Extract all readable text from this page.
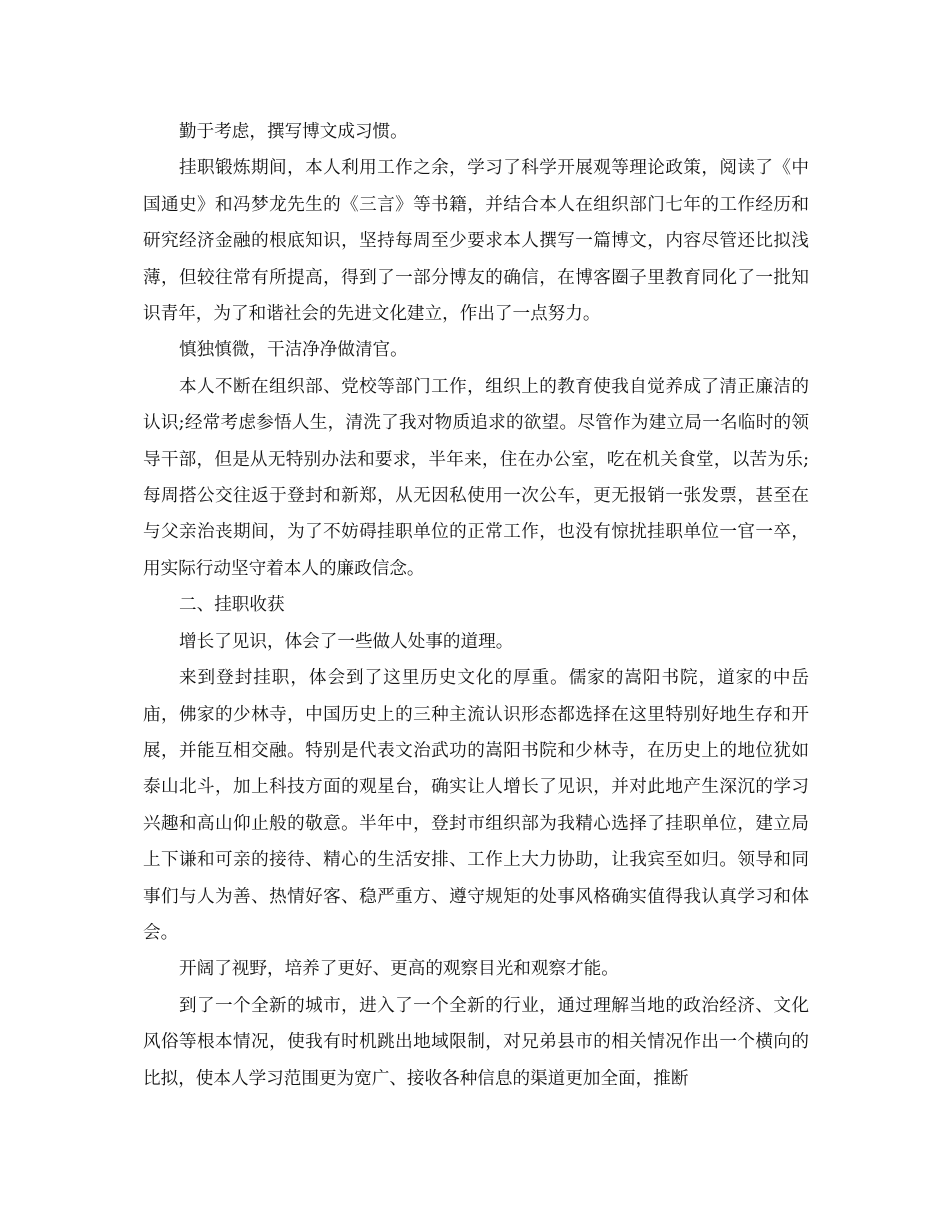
勤于考虑，撰写博文成习惯。

挂职锻炼期间，本人利用工作之余，学习了科学开展观等理论政策，阅读了《中国通史》和冯梦龙先生的《三言》等书籍，并结合本人在组织部门七年的工作经历和研究经济金融的根底知识，坚持每周至少要求本人撰写一篇博文，内容尽管还比拟浅薄，但较往常有所提高，得到了一部分博友的确信，在博客圈子里教育同化了一批知识青年，为了和谐社会的先进文化建立，作出了一点努力。

慎独慎微，干洁净净做清官。

本人不断在组织部、党校等部门工作，组织上的教育使我自觉养成了清正廉洁的认识;经常考虑参悟人生，清洗了我对物质追求的欲望。尽管作为建立局一名临时的领导干部，但是从无特别办法和要求，半年来，住在办公室，吃在机关食堂，以苦为乐;每周搭公交往返于登封和新郑，从无因私使用一次公车，更无报销一张发票，甚至在与父亲治丧期间，为了不妨碍挂职单位的正常工作，也没有惊扰挂职单位一官一卒，用实际行动坚守着本人的廉政信念。

二、挂职收获

增长了见识，体会了一些做人处事的道理。

来到登封挂职，体会到了这里历史文化的厚重。儒家的嵩阳书院，道家的中岳庙，佛家的少林寺，中国历史上的三种主流认识形态都选择在这里特别好地生存和开展，并能互相交融。特别是代表文治武功的嵩阳书院和少林寺，在历史上的地位犹如泰山北斗，加上科技方面的观星台，确实让人增长了见识，并对此地产生深沉的学习兴趣和高山仰止般的敬意。半年中，登封市组织部为我精心选择了挂职单位，建立局上下谦和可亲的接待、精心的生活安排、工作上大力协助，让我宾至如归。领导和同事们与人为善、热情好客、稳严重方、遵守规矩的处事风格确实值得我认真学习和体会。

开阔了视野，培养了更好、更高的观察目光和观察才能。

到了一个全新的城市，进入了一个全新的行业，通过理解当地的政治经济、文化风俗等根本情况，使我有时机跳出地域限制，对兄弟县市的相关情况作出一个横向的比拟，使本人学习范围更为宽广、接收各种信息的渠道更加全面，推断
